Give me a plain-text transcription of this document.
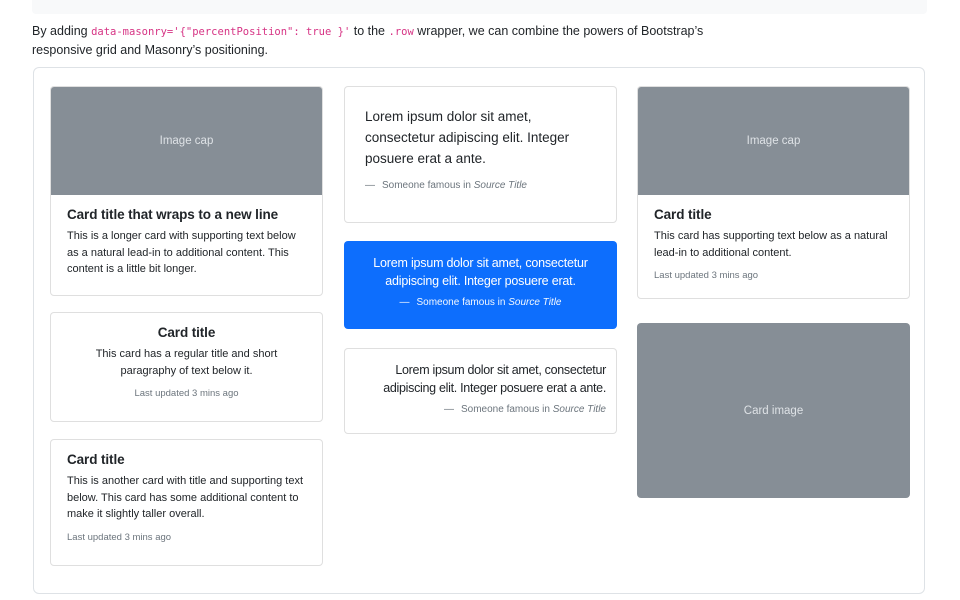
By adding data-masonry='{"percentPosition": true }' to the .row wrapper, we can combine the powers of Bootstrap’s responsive grid and Masonry’s positioning.

Image cap
Card title that wraps to a new line

This is a longer card with supporting text below as a natural lead-in to additional content. This content is a little bit longer.

Card title

This card has a regular title and short paragraphy of text below it.

Last updated 3 mins ago
Card title

This is another card with title and supporting text below. This card has some additional content to make it slightly taller overall.

Last updated 3 mins ago
Lorem ipsum dolor sit amet, consectetur adipiscing elit. Integer posuere erat a ante.
— Someone famous in Source Title
Lorem ipsum dolor sit amet, consectetur adipiscing elit. Integer posuere erat.
— Someone famous in Source Title
Lorem ipsum dolor sit amet, consectetur adipiscing elit. Integer posuere erat a ante.
— Someone famous in Source Title
Image cap
Card title

This card has supporting text below as a natural lead-in to additional content.

Last updated 3 mins ago
Card image
